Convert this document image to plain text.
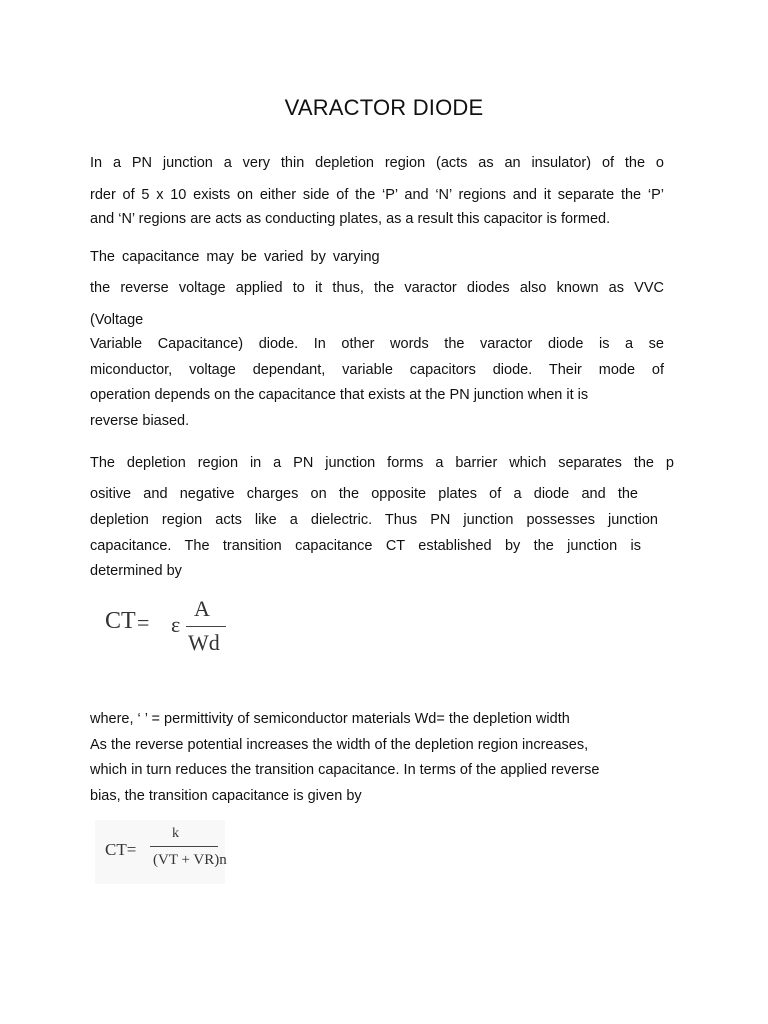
VARACTOR DIODE
In a PN junction a very thin depletion region (acts as an insulator) of the o
rder of 5 x 10 exists on either side of the ‘P’ and ‘N’ regions and it separate the ‘P’
and ‘N’ regions are acts as conducting plates, as a result this capacitor is formed.
The capacitance may be varied by varying
the reverse voltage applied to it thus, the varactor diodes also known as VVC
(Voltage
Variable Capacitance) diode. In other words the varactor diode is a se
miconductor, voltage dependant, variable capacitors diode. Their mode of
operation depends on the capacitance that exists at the PN junction when it is
reverse biased.
The depletion region in a PN junction forms a barrier which separates the p
ositive and negative charges on the opposite plates of a diode and the
depletion region acts like a dielectric. Thus PN junction possesses junction
capacitance. The transition capacitance CT established by the junction is
determined by
CT = ε
A
Wd
where, ‘ ’ = permittivity of semiconductor materials Wd= the depletion width
As the reverse potential increases the width of the depletion region increases,
which in turn reduces the transition capacitance. In terms of the applied reverse
bias, the transition capacitance is given by
CT=
k
(VT + VR)n
